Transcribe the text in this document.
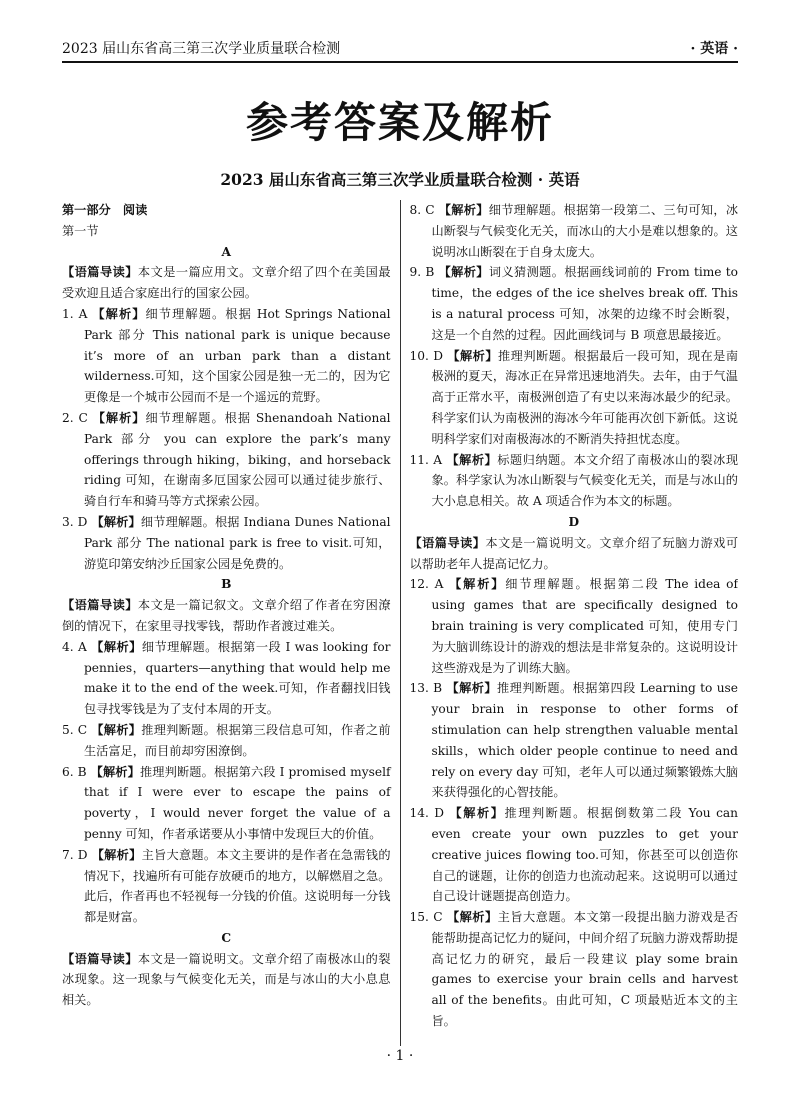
2023 届山东省高三第三次学业质量联合检测	· 英语 ·
参考答案及解析
2023 届山东省高三第三次学业质量联合检测 · 英语
第一部分　阅读
第一节
A
【语篇导读】本文是一篇应用文。文章介绍了四个在美国最受欢迎且适合家庭出行的国家公园。
1. A 【解析】细节理解题。根据 Hot Springs National Park 部分 This national park is unique because it’s more of an urban park than a distant wilderness.可知，这个国家公园是独一无二的，因为它更像是一个城市公园而不是一个遥远的荒野。
2. C 【解析】细节理解题。根据 Shenandoah National Park 部分 you can explore the park’s many offerings through hiking，biking，and horseback riding 可知，在谢南多厄国家公园可以通过徒步旅行、骑自行车和骑马等方式探索公园。
3. D 【解析】细节理解题。根据 Indiana Dunes National Park 部分 The national park is free to visit.可知，游览印第安纳沙丘国家公园是免费的。
B
【语篇导读】本文是一篇记叙文。文章介绍了作者在穷困潦倒的情况下，在家里寻找零钱，帮助作者渡过难关。
4. A 【解析】细节理解题。根据第一段 I was looking for pennies，quarters—anything that would help me make it to the end of the week.可知，作者翻找旧钱包寻找零钱是为了支付本周的开支。
5. C 【解析】推理判断题。根据第三段信息可知，作者之前生活富足，而目前却穷困潦倒。
6. B 【解析】推理判断题。根据第六段 I promised myself that if I were ever to escape the pains of poverty，I would never forget the value of a penny 可知，作者承诺要从小事情中发现巨大的价值。
7. D 【解析】主旨大意题。本文主要讲的是作者在急需钱的情况下，找遍所有可能存放硬币的地方，以解燃眉之急。此后，作者再也不轻视每一分钱的价值。这说明每一分钱都是财富。
C
【语篇导读】本文是一篇说明文。文章介绍了南极冰山的裂冰现象。这一现象与气候变化无关，而是与冰山的大小息息相关。
8. C 【解析】细节理解题。根据第一段第二、三句可知，冰山断裂与气候变化无关，而冰山的大小是难以想象的。这说明冰山断裂在于自身太庞大。
9. B 【解析】词义猜测题。根据画线词前的 From time to time，the edges of the ice shelves break off. This is a natural process 可知，冰架的边缘不时会断裂，这是一个自然的过程。因此画线词与 B 项意思最接近。
10. D 【解析】推理判断题。根据最后一段可知，现在是南极洲的夏天，海冰正在异常迅速地消失。去年，由于气温高于正常水平，南极洲创造了有史以来海冰最少的纪录。科学家们认为南极洲的海冰今年可能再次创下新低。这说明科学家们对南极海冰的不断消失持担忧态度。
11. A 【解析】标题归纳题。本文介绍了南极冰山的裂冰现象。科学家认为冰山断裂与气候变化无关，而是与冰山的大小息息相关。故 A 项适合作为本文的标题。
D
【语篇导读】本文是一篇说明文。文章介绍了玩脑力游戏可以帮助老年人提高记忆力。
12. A 【解析】细节理解题。根据第二段 The idea of using games that are specifically designed to brain training is very complicated 可知，使用专门为大脑训练设计的游戏的想法是非常复杂的。这说明设计这些游戏是为了训练大脑。
13. B 【解析】推理判断题。根据第四段 Learning to use your brain in response to other forms of stimulation can help strengthen valuable mental skills，which older people continue to need and rely on every day 可知，老年人可以通过频繁锻炼大脑来获得强化的心智技能。
14. D 【解析】推理判断题。根据倒数第二段 You can even create your own puzzles to get your creative juices flowing too.可知，你甚至可以创造你自己的谜题，让你的创造力也流动起来。这说明可以通过自己设计谜题提高创造力。
15. C 【解析】主旨大意题。本文第一段提出脑力游戏是否能帮助提高记忆力的疑问，中间介绍了玩脑力游戏帮助提高记忆力的研究，最后一段建议 play some brain games to exercise your brain cells and harvest all of the benefits。由此可知，C 项最贴近本文的主旨。
· 1 ·
